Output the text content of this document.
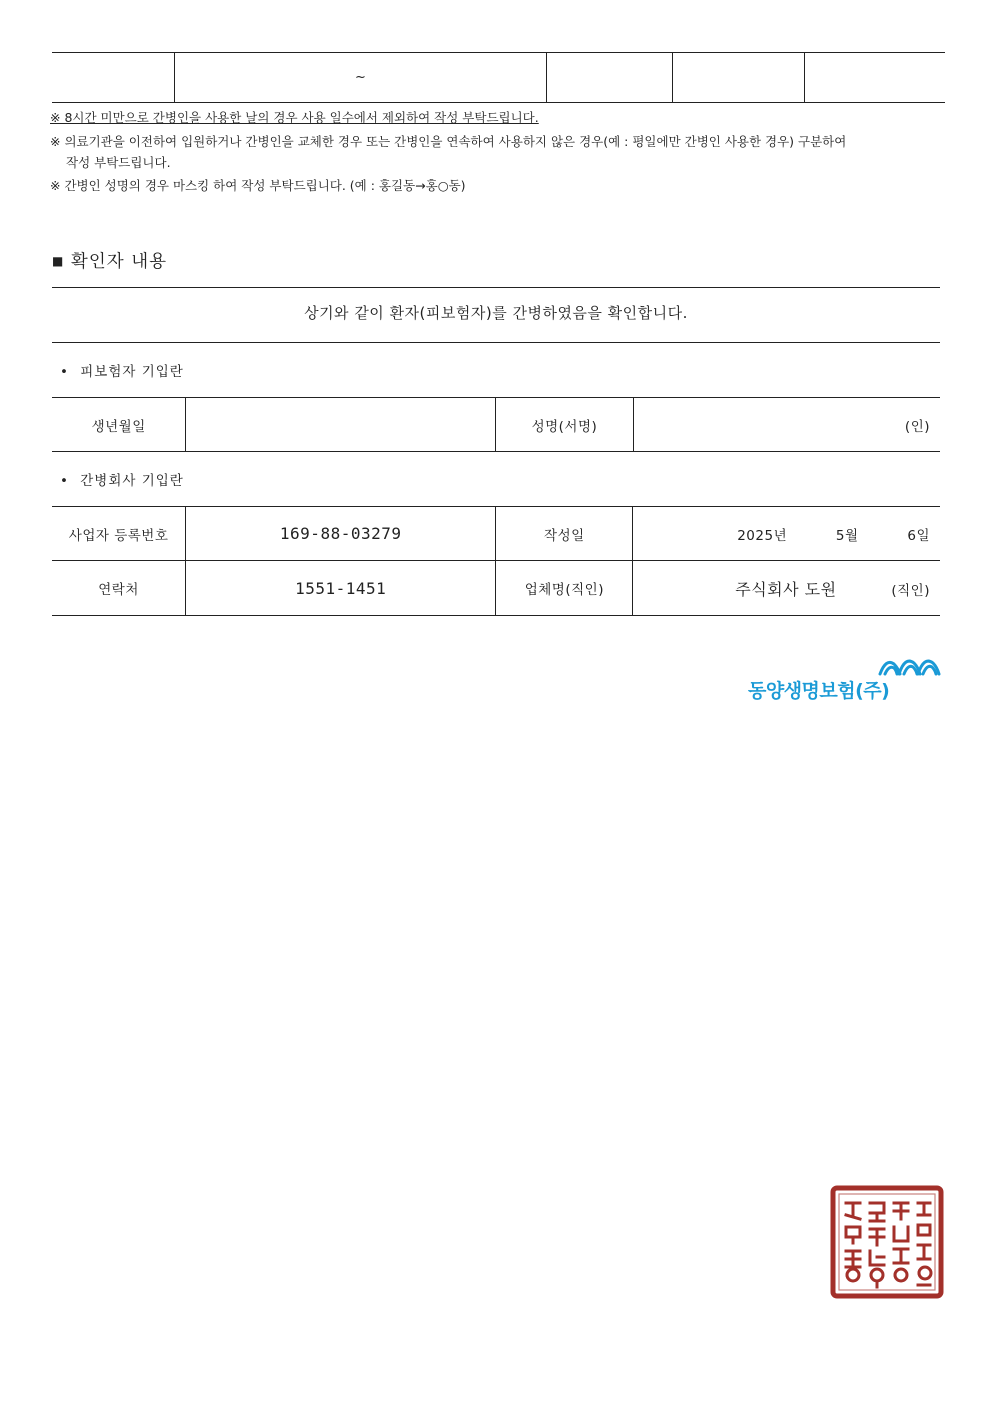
	~			
※ 8시간 미만으로 간병인을 사용한 날의 경우 사용 일수에서 제외하여 작성 부탁드립니다.
※ 의료기관을 이전하여 입원하거나 간병인을 교체한 경우 또는 간병인을 연속하여 사용하지 않은 경우(예 : 평일에만 간병인 사용한 경우) 구분하여
작성 부탁드립니다.
※ 간병인 성명의 경우 마스킹 하여 작성 부탁드립니다. (예 : 홍길동→홍○동)
■ 확인자 내용
상기와 같이 환자(피보험자)를 간병하였음을 확인합니다.
• 피보험자 기입란
생년월일		성명(서명)	(인)
• 간병회사 기입란
사업자 등록번호	169-88-03279	작성일	2025년 5월 6일
연락처	1551-1451	업체명(직인)	주식회사 도원 (직인)
동양생명보험(주)
